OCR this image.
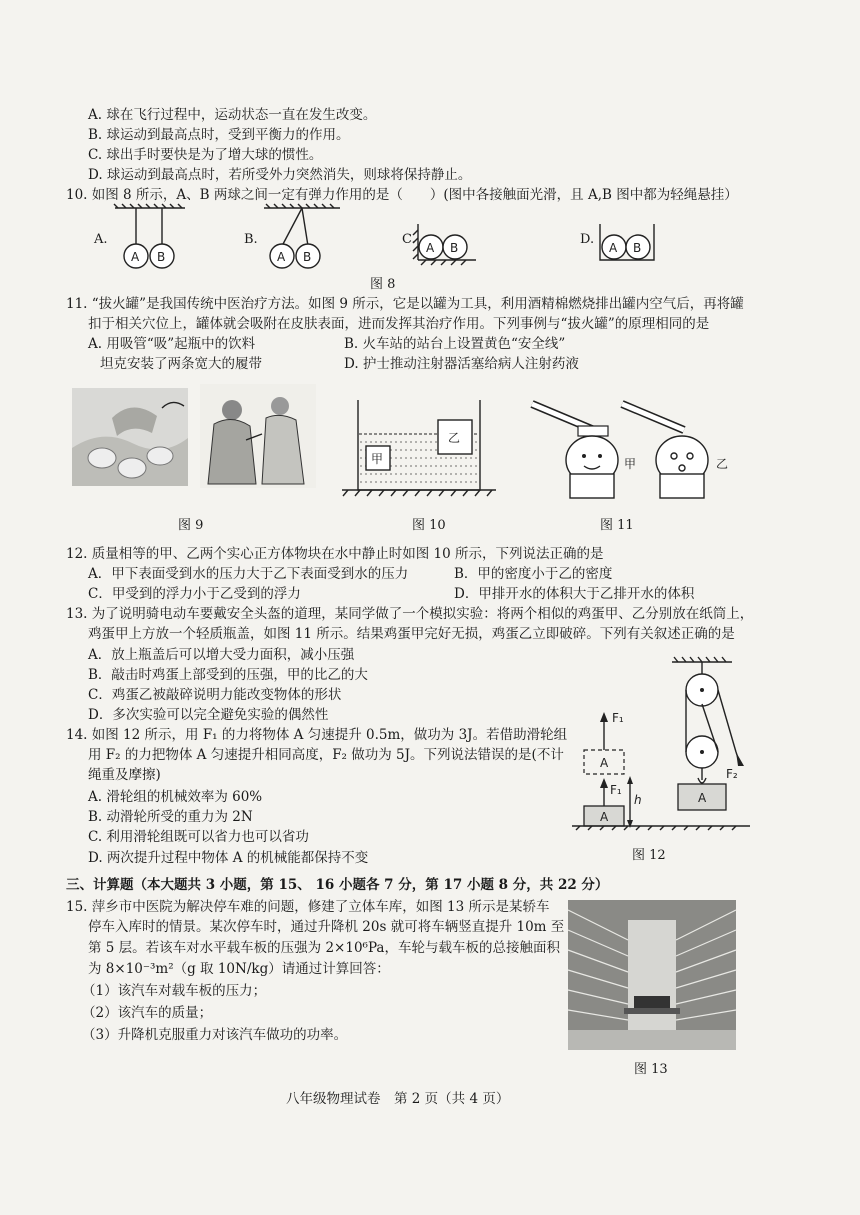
A. 球在飞行过程中，运动状态一直在发生改变。
B. 球运动到最高点时，受到平衡力的作用。
C. 球出手时要快是为了增大球的惯性。
D. 球运动到最高点时，若所受外力突然消失，则球将保持静止。
10. 如图 8 所示，A、B 两球之间一定有弹力作用的是（　　）(图中各接触面光滑，且 A,B 图中都为轻绳悬挂）
A.
A B
B.
A B
C.
A B
D.
A B
图 8
11. “拔火罐”是我国传统中医治疗方法。如图 9 所示，它是以罐为工具，利用酒精棉燃烧排出罐内空气后，再将罐
扣于相关穴位上，罐体就会吸附在皮肤表面，进而发挥其治疗作用。下列事例与“拔火罐”的原理相同的是
A. 用吸管“吸”起瓶中的饮料	B. 火车站的站台上设置黄色“安全线”
坦克安装了两条宽大的履带	D. 护士推动注射器活塞给病人注射药液
甲
乙
甲	乙
图 9	图 10	图 11
12. 质量相等的甲、乙两个实心正方体物块在水中静止时如图 10 所示，下列说法正确的是
A．甲下表面受到水的压力大于乙下表面受到水的压力	B．甲的密度小于乙的密度
C．甲受到的浮力小于乙受到的浮力	D．甲排开水的体积大于乙排开水的体积
13. 为了说明骑电动车要戴安全头盔的道理，某同学做了一个模拟实验：将两个相似的鸡蛋甲、乙分别放在纸筒上，
鸡蛋甲上方放一个轻质瓶盖，如图 11 所示。结果鸡蛋甲完好无损，鸡蛋乙立即破碎。下列有关叙述正确的是
A．放上瓶盖后可以增大受力面积，减小压强
B．敲击时鸡蛋上部受到的压强，甲的比乙的大
C．鸡蛋乙被敲碎说明力能改变物体的形状
D．多次实验可以完全避免实验的偶然性
14. 如图 12 所示，用 F₁ 的力将物体 A 匀速提升 0.5m，做功为 3J。若借助滑轮组
用 F₂ 的力把物体 A 匀速提升相同高度，F₂ 做功为 5J。下列说法错误的是(不计
绳重及摩擦)
A. 滑轮组的机械效率为 60%
B. 动滑轮所受的重力为 2N
C. 利用滑轮组既可以省力也可以省功
D. 两次提升过程中物体 A 的机械能都保持不变
F₂
A
F₁
A
F₁
h
A
图 12
三、计算题（本大题共 3 小题，第 15、 16 小题各 7 分，第 17 小题 8 分，共 22 分）
15. 萍乡市中医院为解决停车难的问题，修建了立体车库，如图 13 所示是某轿车
停车入库时的情景。某次停车时，通过升降机 20s 就可将车辆竖直提升 10m 至
第 5 层。若该车对水平载车板的压强为 2×10⁶Pa，车轮与载车板的总接触面积
为 8×10⁻³m²（g 取 10N/kg）请通过计算回答：
（1）该汽车对载车板的压力；
（2）该汽车的质量；
（3）升降机克服重力对该汽车做功的功率。
图 13
八年级物理试卷　第 2 页（共 4 页）
